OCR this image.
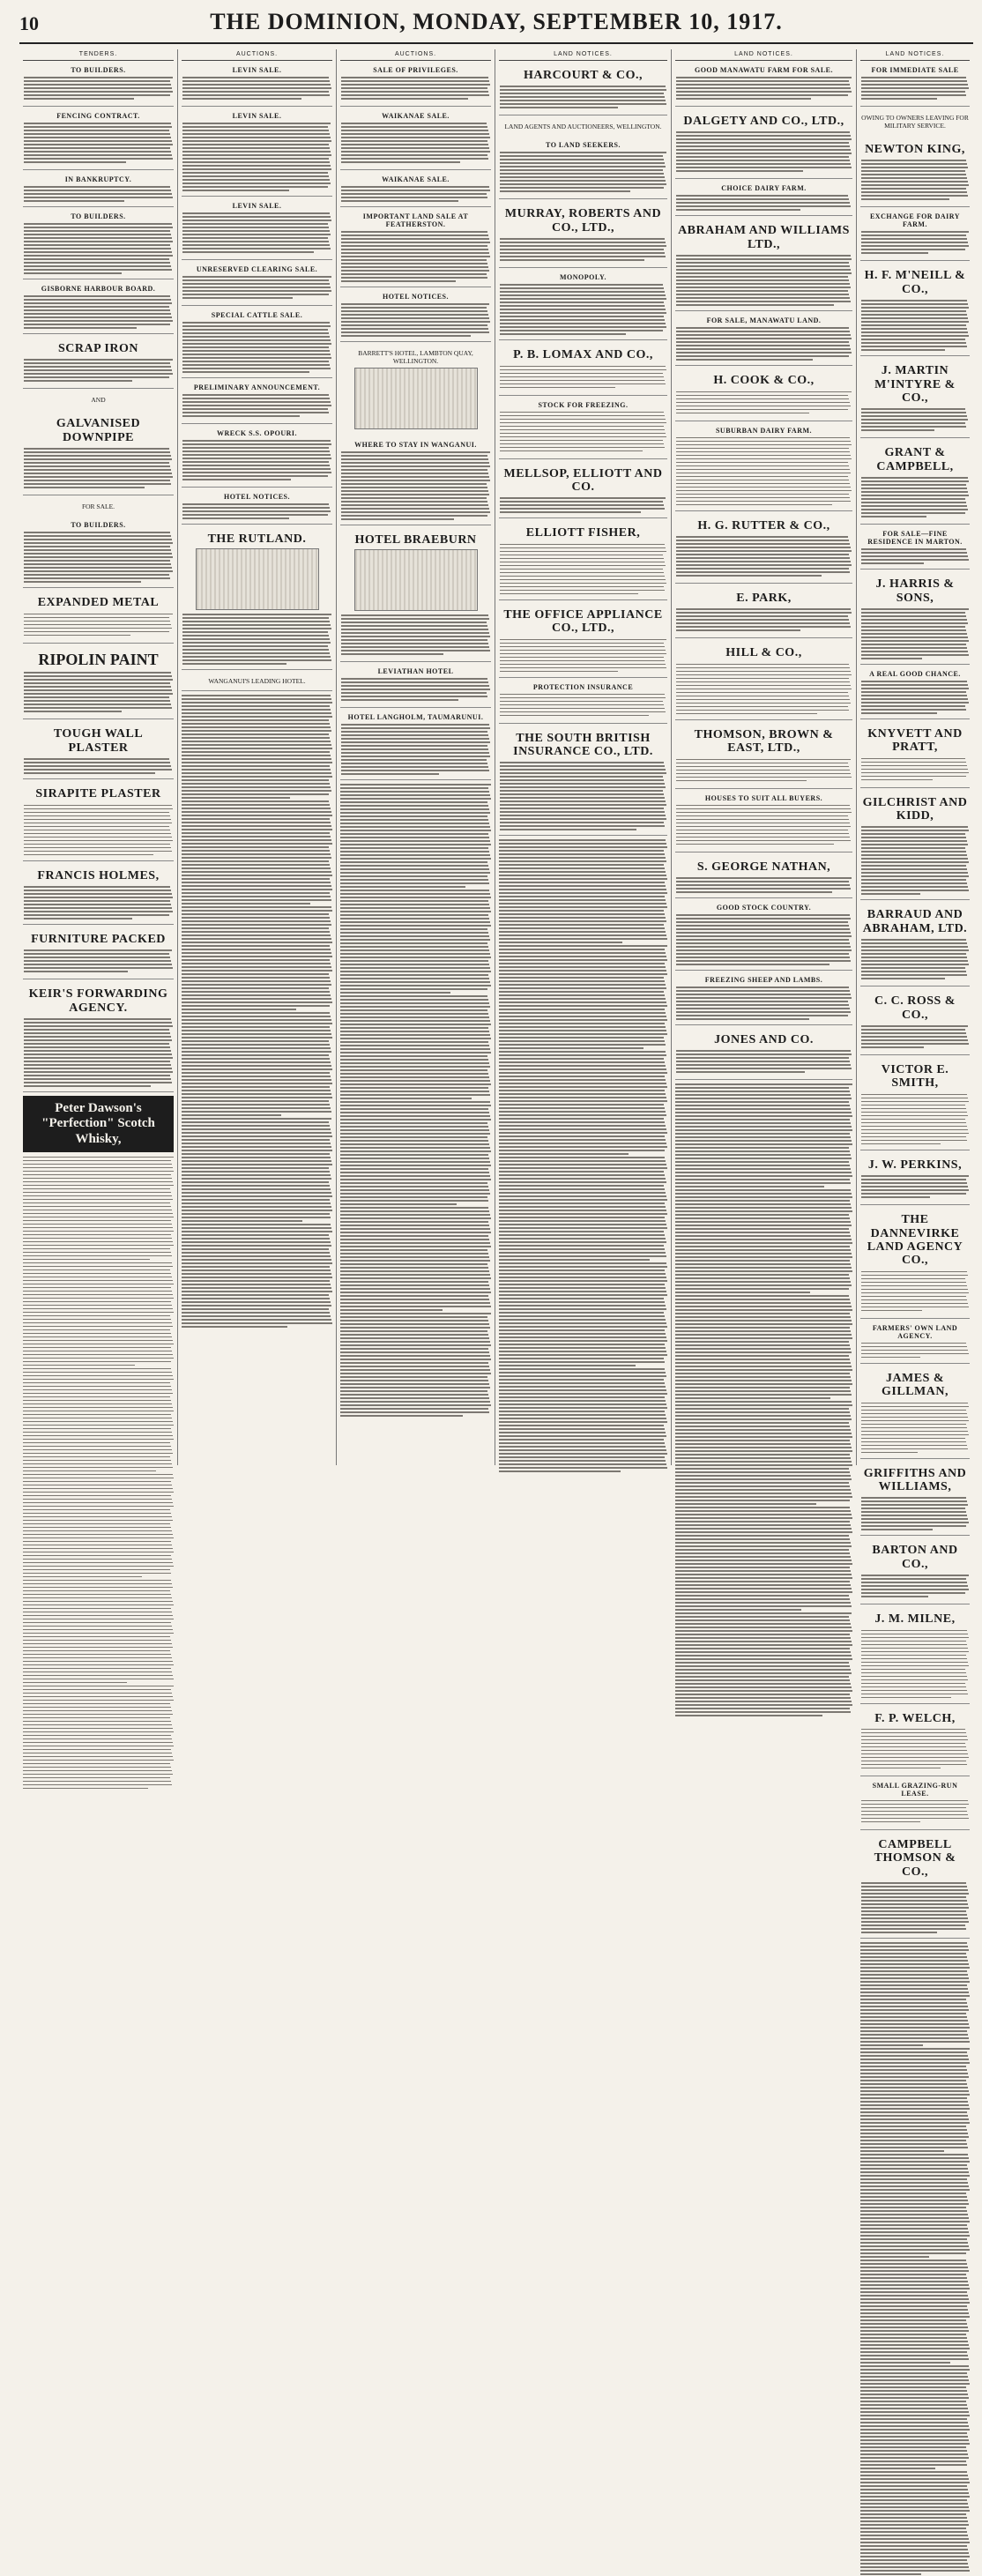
10	THE DOMINION, MONDAY, SEPTEMBER 10, 1917.
TENDERS.
TO BUILDERS.
FENCING CONTRACT.
IN BANKRUPTCY.
TO BUILDERS.
GISBORNE HARBOUR BOARD.
SCRAP IRON
AND
GALVANISED DOWNPIPE
FOR SALE.
TO BUILDERS.
EXPANDED METAL
RIPOLIN PAINT
TOUGH WALL PLASTER
SIRAPITE PLASTER
FRANCIS HOLMES,
FURNITURE PACKED
KEIR'S FORWARDING AGENCY.
Peter Dawson's "Perfection" Scotch Whisky,
AUCTIONS.
LEVIN SALE.
LEVIN SALE.
LEVIN SALE.
UNRESERVED CLEARING SALE.
SPECIAL CATTLE SALE.
PRELIMINARY ANNOUNCEMENT.
WRECK S.S. OPOURI.
HOTEL NOTICES.
THE RUTLAND.
WANGANUI'S LEADING HOTEL.
AUCTIONS.
SALE OF PRIVILEGES.
WAIKANAE SALE.
WAIKANAE SALE.
IMPORTANT LAND SALE AT FEATHERSTON.
HOTEL NOTICES.
BARRETT'S HOTEL, LAMBTON QUAY, WELLINGTON.
WHERE TO STAY IN WANGANUI.
HOTEL BRAEBURN
LEVIATHAN HOTEL
HOTEL LANGHOLM, TAUMARUNUI.
LAND NOTICES.
HARCOURT & CO.,
LAND AGENTS AND AUCTIONEERS, WELLINGTON.
TO LAND SEEKERS.
MURRAY, ROBERTS AND CO., LTD.,
MONOPOLY.
P. B. LOMAX AND CO.,
STOCK FOR FREEZING.
MELLSOP, ELLIOTT AND CO.
ELLIOTT FISHER,
THE OFFICE APPLIANCE CO., LTD.,
PROTECTION INSURANCE
THE SOUTH BRITISH INSURANCE CO., LTD.
LAND NOTICES.
GOOD MANAWATU FARM FOR SALE.
DALGETY AND CO., LTD.,
CHOICE DAIRY FARM.
ABRAHAM AND WILLIAMS LTD.,
FOR SALE, MANAWATU LAND.
H. COOK & CO.,
SUBURBAN DAIRY FARM.
H. G. RUTTER & CO.,
E. PARK,
HILL & CO.,
THOMSON, BROWN & EAST, LTD.,
HOUSES TO SUIT ALL BUYERS.
S. GEORGE NATHAN,
GOOD STOCK COUNTRY.
FREEZING SHEEP AND LAMBS.
JONES AND CO.
LAND NOTICES.
FOR IMMEDIATE SALE
OWING TO OWNERS LEAVING FOR MILITARY SERVICE.
NEWTON KING,
EXCHANGE FOR DAIRY FARM.
H. F. M'NEILL & CO.,
J. MARTIN M'INTYRE & CO.,
GRANT & CAMPBELL,
FOR SALE—FINE RESIDENCE IN MARTON.
J. HARRIS & SONS,
A REAL GOOD CHANCE.
KNYVETT AND PRATT,
GILCHRIST AND KIDD,
BARRAUD AND ABRAHAM, LTD.
C. C. ROSS & CO.,
VICTOR E. SMITH,
J. W. PERKINS,
THE DANNEVIRKE LAND AGENCY CO.,
FARMERS' OWN LAND AGENCY.
JAMES & GILLMAN,
GRIFFITHS AND WILLIAMS,
BARTON AND CO.,
J. M. MILNE,
F. P. WELCH,
SMALL GRAZING-RUN LEASE.
CAMPBELL THOMSON & CO.,
